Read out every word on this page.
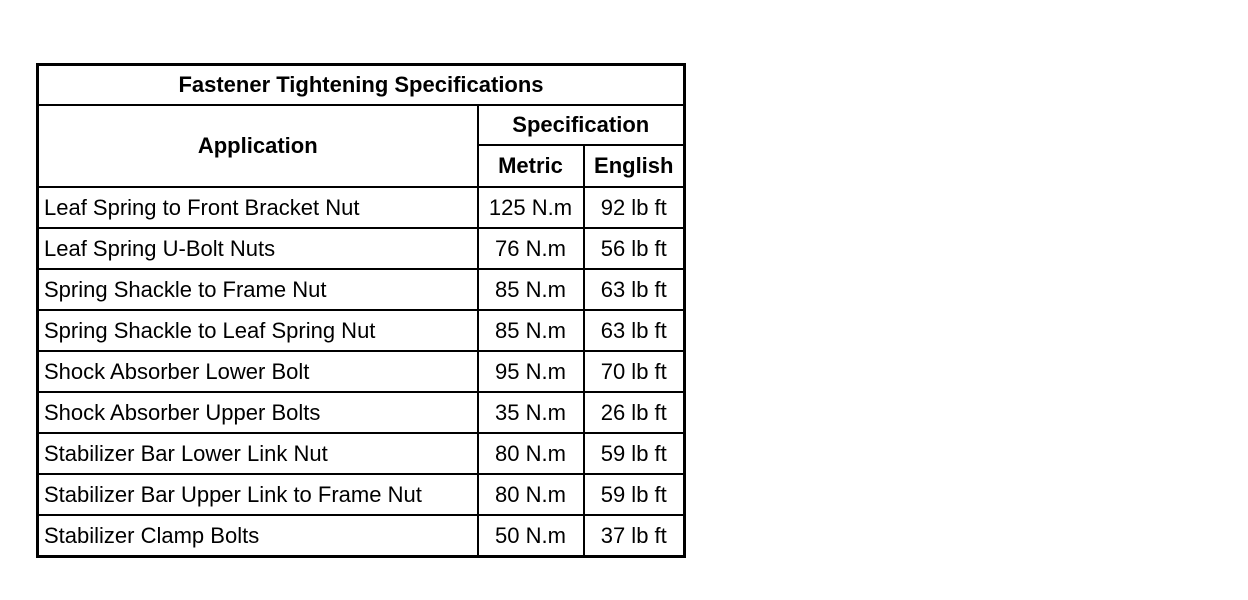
Fastener Tightening Specifications		
Application	Specification	
	Metric	English
Leaf Spring to Front Bracket Nut	125 N.m	92 lb ft
Leaf Spring U-Bolt Nuts	76 N.m	56 lb ft
Spring Shackle to Frame Nut	85 N.m	63 lb ft
Spring Shackle to Leaf Spring Nut	85 N.m	63 lb ft
Shock Absorber Lower Bolt	95 N.m	70 lb ft
Shock Absorber Upper Bolts	35 N.m	26 lb ft
Stabilizer Bar Lower Link Nut	80 N.m	59 lb ft
Stabilizer Bar Upper Link to Frame Nut	80 N.m	59 lb ft
Stabilizer Clamp Bolts	50 N.m	37 lb ft
